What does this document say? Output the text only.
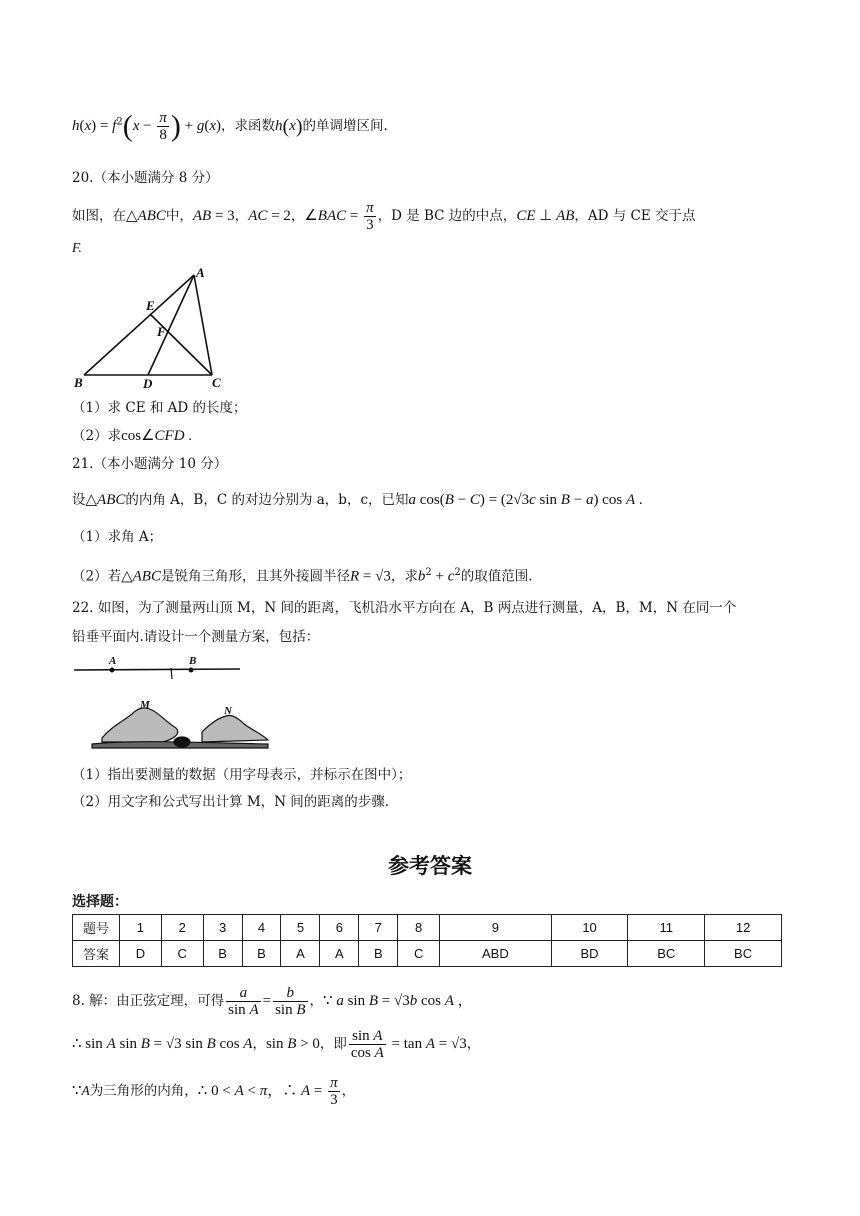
$h(x) = f^2(x - \frac{\pi}{8}$ ) + g(x)，求函数h(x)的单调增区间.
20.（本小题满分 8 分）
如图，在△ABC中，AB = 3，AC = 2，∠BAC = $\frac{\pi}{3}$ ，D 是 BC 边的中点，CE ⊥ AB，AD 与 CE 交于点
F.
A
E
F
B	D	C
（1）求 CE 和 AD 的长度；
（2）求cos∠CFD .
21.（本小题满分 10 分）
设△ABC的内角 A，B，C 的对边分别为 a，b，c，已知a cos(B − C) = (2√3c sin B − a) cos A .
（1）求角 A；
（2）若△ABC是锐角三角形，且其外接圆半径R = √3，求$b^2 + c^2$的取值范围.
22. 如图，为了测量两山顶 M，N 间的距离，飞机沿水平方向在 A，B 两点进行测量，A，B，M，N 在同一个
铅垂平面内.请设计一个测量方案，包括：
A	B
M	N
（1）指出要测量的数据（用字母表示，并标示在图中）；
（2）用文字和公式写出计算 M，N 间的距离的步骤.
参考答案
选择题：
题号	1	2	3	4	5	6	7	8	9	10	11	12
答案	D	C	B	B	A	A	B	C	ABD	BD	BC	BC
8. 解：由正弦定理，可得 $\frac{a}{\text{sin A}} = \frac{b}{\text{sin B}}$ ，∵ a sin B = √3b cos A ，
∴ sin A sin B = √3 sin B cos A，sin B > 0，即 $\frac{\text{sin A}}{\text{cos A}} = \tan A = √3$，
∵A为三角形的内角，∴ 0 < A < π，∴ $A = \frac{\pi}{3}$ ，
